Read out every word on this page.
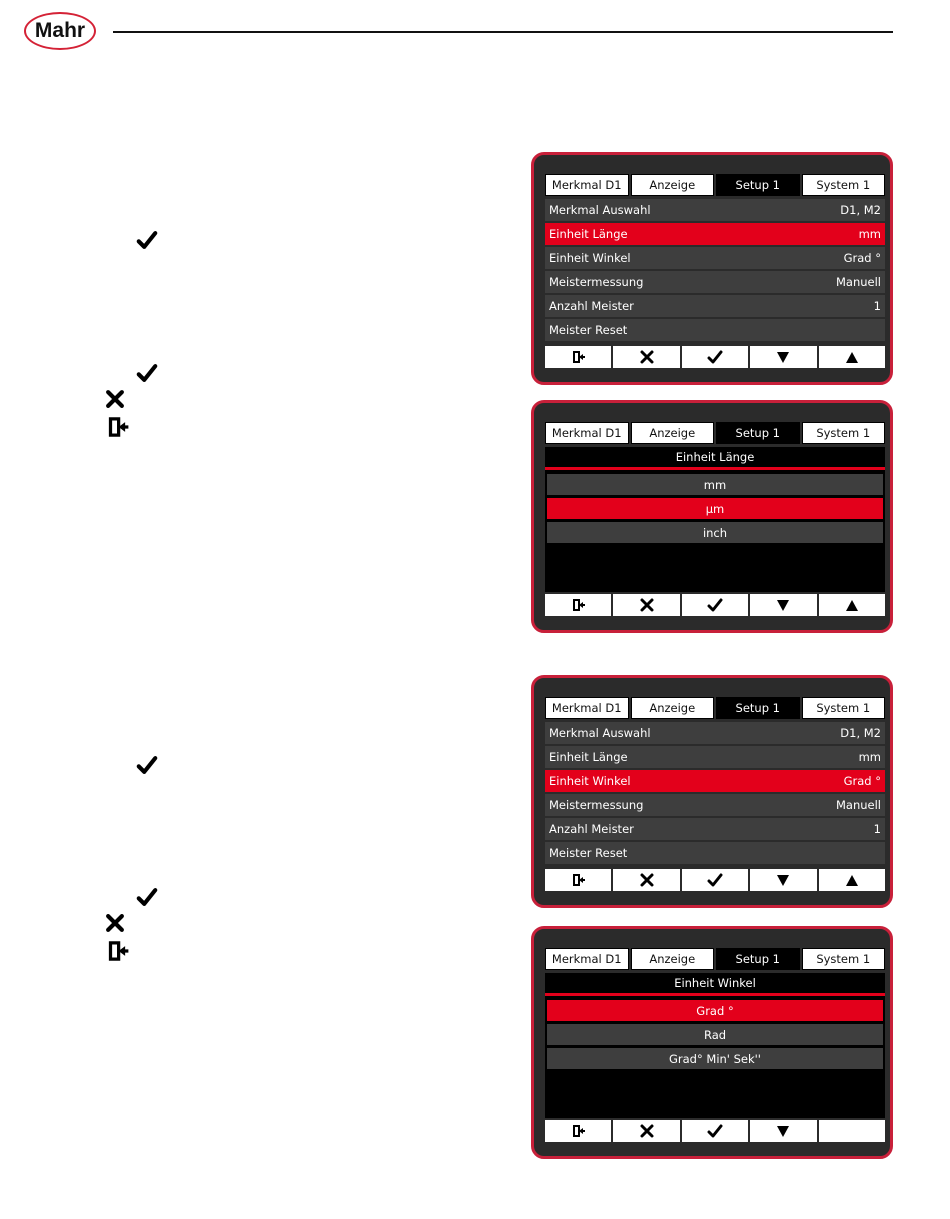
Mahr
Merkmal D1	Anzeige	Setup 1	System 1
Merkmal Auswahl	D1, M2
Einheit Länge	mm
Einheit Winkel	Grad °
Meistermessung	Manuell
Anzahl Meister	1
Meister Reset
Merkmal D1	Anzeige	Setup 1	System 1
Einheit Länge
mm
µm
inch
Merkmal D1	Anzeige	Setup 1	System 1
Merkmal Auswahl	D1, M2
Einheit Länge	mm
Einheit Winkel	Grad °
Meistermessung	Manuell
Anzahl Meister	1
Meister Reset
Merkmal D1	Anzeige	Setup 1	System 1
Einheit Winkel
Grad °
Rad
Grad° Min' Sek''
